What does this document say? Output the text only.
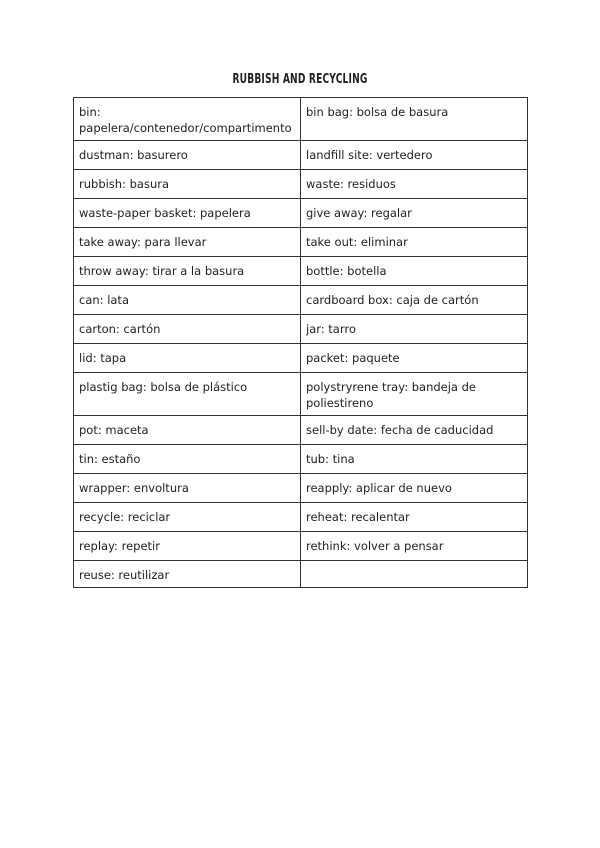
RUBBISH AND RECYCLING
bin: papelera/contenedor/compartimento	bin bag: bolsa de basura
dustman: basurero	landfill site: vertedero
rubbish: basura	waste: residuos
waste-paper basket: papelera	give away: regalar
take away: para llevar	take out: eliminar
throw away: tirar a la basura	bottle: botella
can: lata	cardboard box: caja de cartón
carton: cartón	jar: tarro
lid: tapa	packet: paquete
plastig bag: bolsa de plástico	polystryrene tray: bandeja de poliestireno
pot: maceta	sell-by date: fecha de caducidad
tin: estaño	tub: tina
wrapper: envoltura	reapply: aplicar de nuevo
recycle: reciclar	reheat: recalentar
replay: repetir	rethink: volver a pensar
reuse: reutilizar	
